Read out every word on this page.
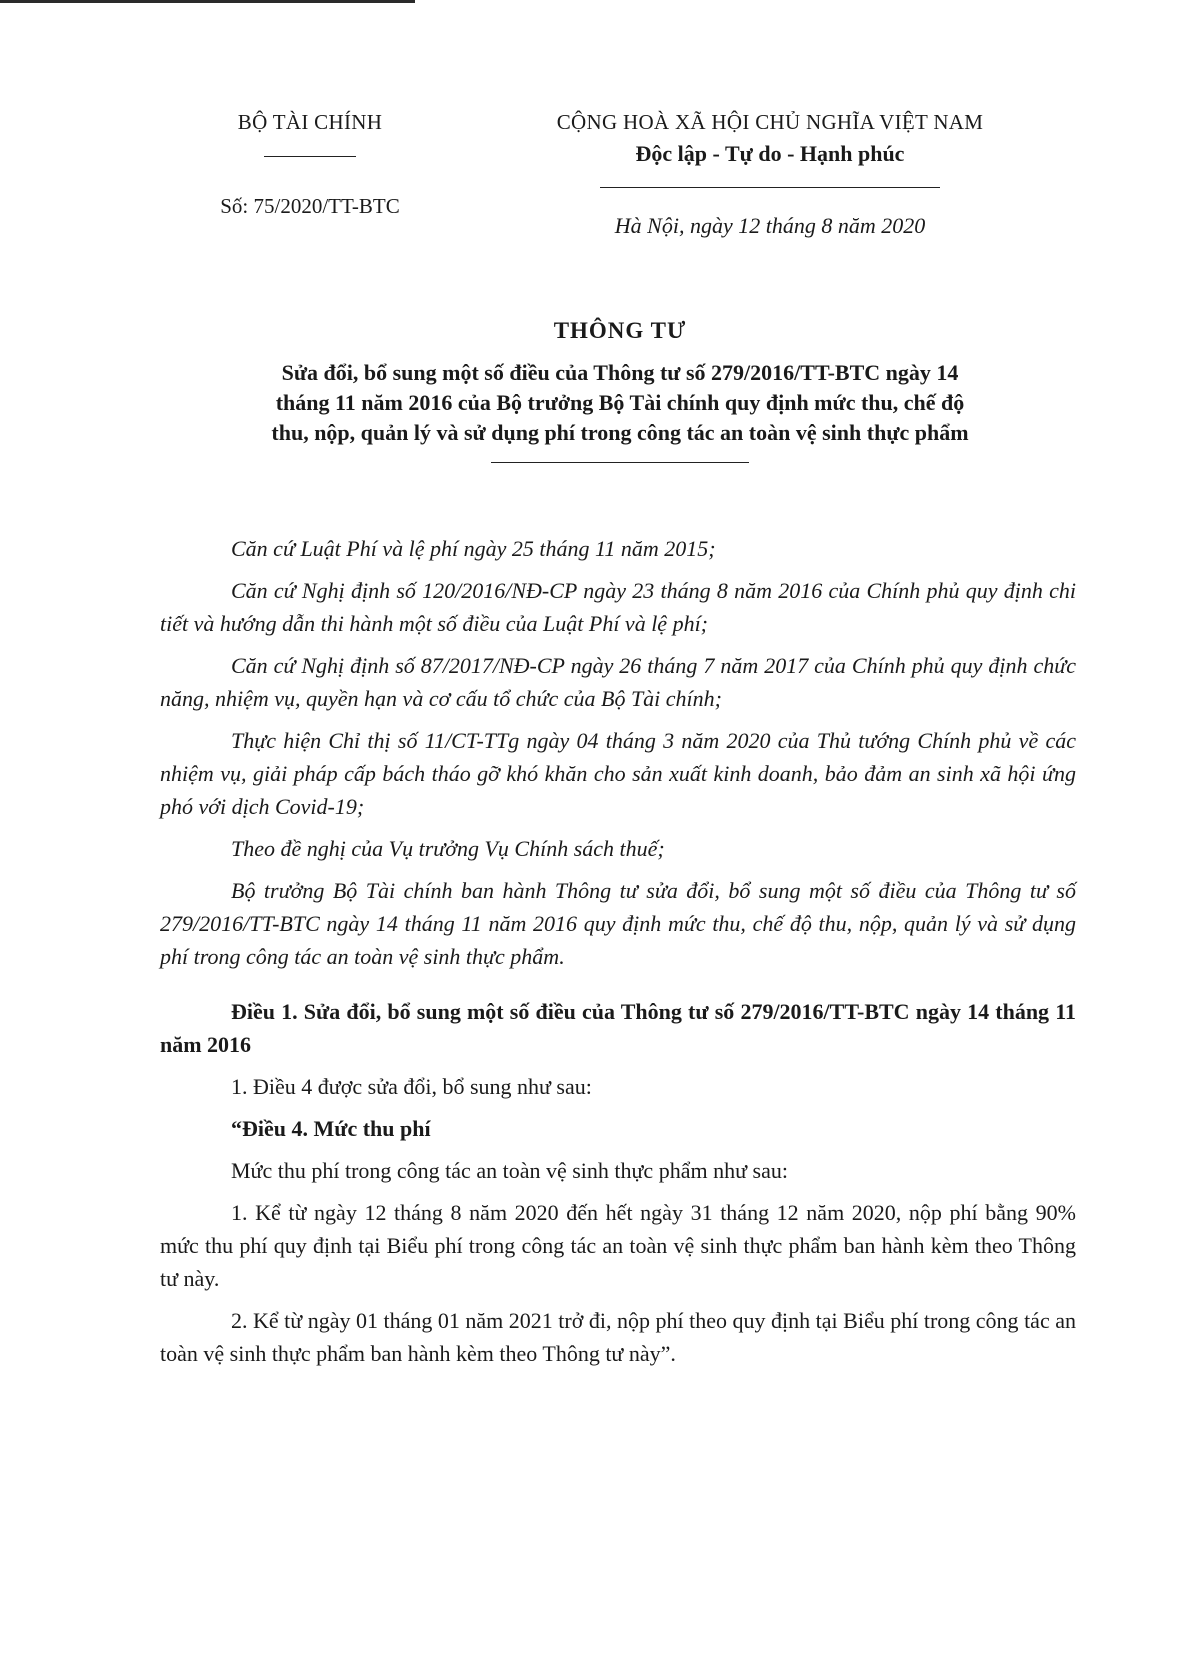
BỘ TÀI CHÍNH
Số: 75/2020/TT-BTC
CỘNG HOÀ XÃ HỘI CHỦ NGHĨA VIỆT NAM
Độc lập - Tự do - Hạnh phúc
Hà Nội, ngày 12 tháng 8 năm 2020
THÔNG TƯ
Sửa đổi, bổ sung một số điều của Thông tư số 279/2016/TT-BTC ngày 14
tháng 11 năm 2016 của Bộ trưởng Bộ Tài chính quy định mức thu, chế độ
thu, nộp, quản lý và sử dụng phí trong công tác an toàn vệ sinh thực phẩm

Căn cứ Luật Phí và lệ phí ngày 25 tháng 11 năm 2015;

Căn cứ Nghị định số 120/2016/NĐ-CP ngày 23 tháng 8 năm 2016 của Chính phủ quy định chi tiết và hướng dẫn thi hành một số điều của Luật Phí và lệ phí;

Căn cứ Nghị định số 87/2017/NĐ-CP ngày 26 tháng 7 năm 2017 của Chính phủ quy định chức năng, nhiệm vụ, quyền hạn và cơ cấu tổ chức của Bộ Tài chính;

Thực hiện Chỉ thị số 11/CT-TTg ngày 04 tháng 3 năm 2020 của Thủ tướng Chính phủ về các nhiệm vụ, giải pháp cấp bách tháo gỡ khó khăn cho sản xuất kinh doanh, bảo đảm an sinh xã hội ứng phó với dịch Covid-19;

Theo đề nghị của Vụ trưởng Vụ Chính sách thuế;

Bộ trưởng Bộ Tài chính ban hành Thông tư sửa đổi, bổ sung một số điều của Thông tư số 279/2016/TT-BTC ngày 14 tháng 11 năm 2016 quy định mức thu, chế độ thu, nộp, quản lý và sử dụng phí trong công tác an toàn vệ sinh thực phẩm.

Điều 1. Sửa đổi, bổ sung một số điều của Thông tư số 279/2016/TT-BTC ngày 14 tháng 11 năm 2016

1. Điều 4 được sửa đổi, bổ sung như sau:

“Điều 4. Mức thu phí

Mức thu phí trong công tác an toàn vệ sinh thực phẩm như sau:

1. Kể từ ngày 12 tháng 8 năm 2020 đến hết ngày 31 tháng 12 năm 2020, nộp phí bằng 90% mức thu phí quy định tại Biểu phí trong công tác an toàn vệ sinh thực phẩm ban hành kèm theo Thông tư này.

2. Kể từ ngày 01 tháng 01 năm 2021 trở đi, nộp phí theo quy định tại Biểu phí trong công tác an toàn vệ sinh thực phẩm ban hành kèm theo Thông tư này”.
